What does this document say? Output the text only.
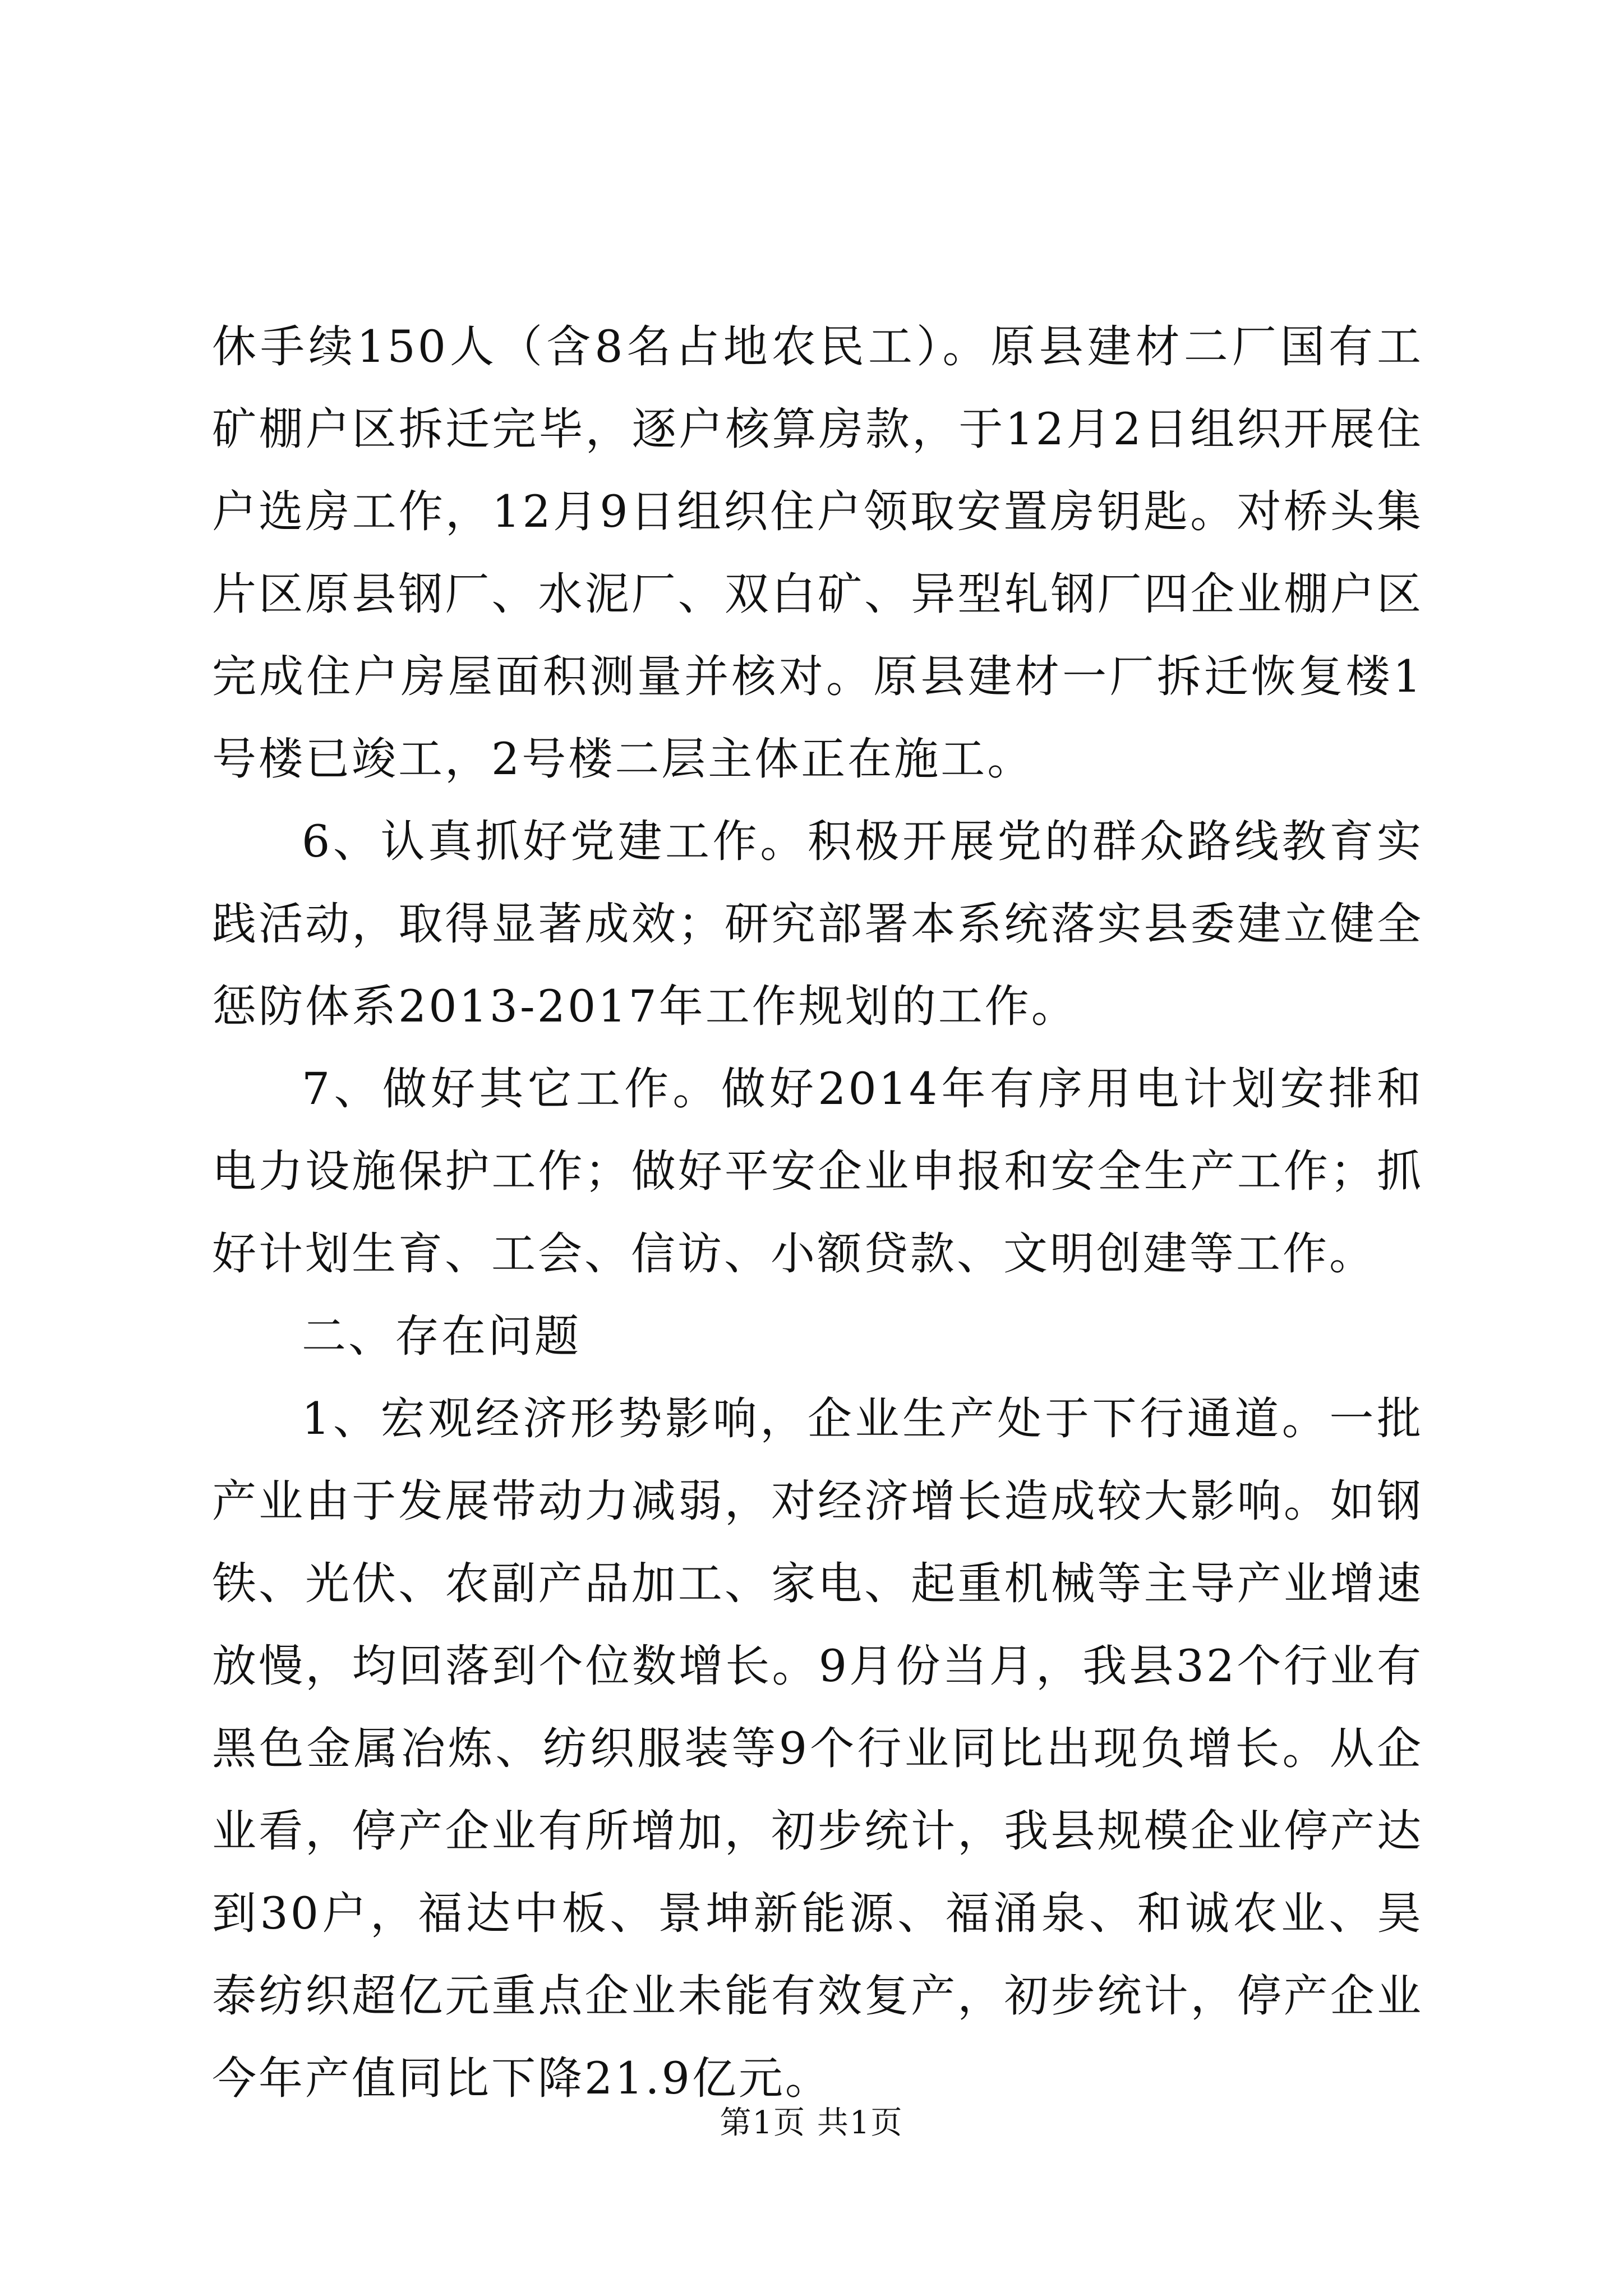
休手续150人（含8名占地农民工）。原县建材二厂国有工矿棚户区拆迁完毕，逐户核算房款，于12月2日组织开展住户选房工作，12月9日组织住户领取安置房钥匙。对桥头集片区原县钢厂、水泥厂、双白矿、异型轧钢厂四企业棚户区完成住户房屋面积测量并核对。原县建材一厂拆迁恢复楼1号楼已竣工，2号楼二层主体正在施工。

6、认真抓好党建工作。积极开展党的群众路线教育实践活动，取得显著成效；研究部署本系统落实县委建立健全惩防体系2013-2017年工作规划的工作。

7、做好其它工作。做好2014年有序用电计划安排和电力设施保护工作；做好平安企业申报和安全生产工作；抓好计划生育、工会、信访、小额贷款、文明创建等工作。

二、存在问题

1、宏观经济形势影响，企业生产处于下行通道。一批产业由于发展带动力减弱，对经济增长造成较大影响。如钢铁、光伏、农副产品加工、家电、起重机械等主导产业增速放慢，均回落到个位数增长。9月份当月，我县32个行业有黑色金属冶炼、纺织服装等9个行业同比出现负增长。从企业看，停产企业有所增加，初步统计，我县规模企业停产达到30户，福达中板、景坤新能源、福涌泉、和诚农业、昊泰纺织超亿元重点企业未能有效复产，初步统计，停产企业今年产值同比下降21.9亿元。

第1页 共1页
